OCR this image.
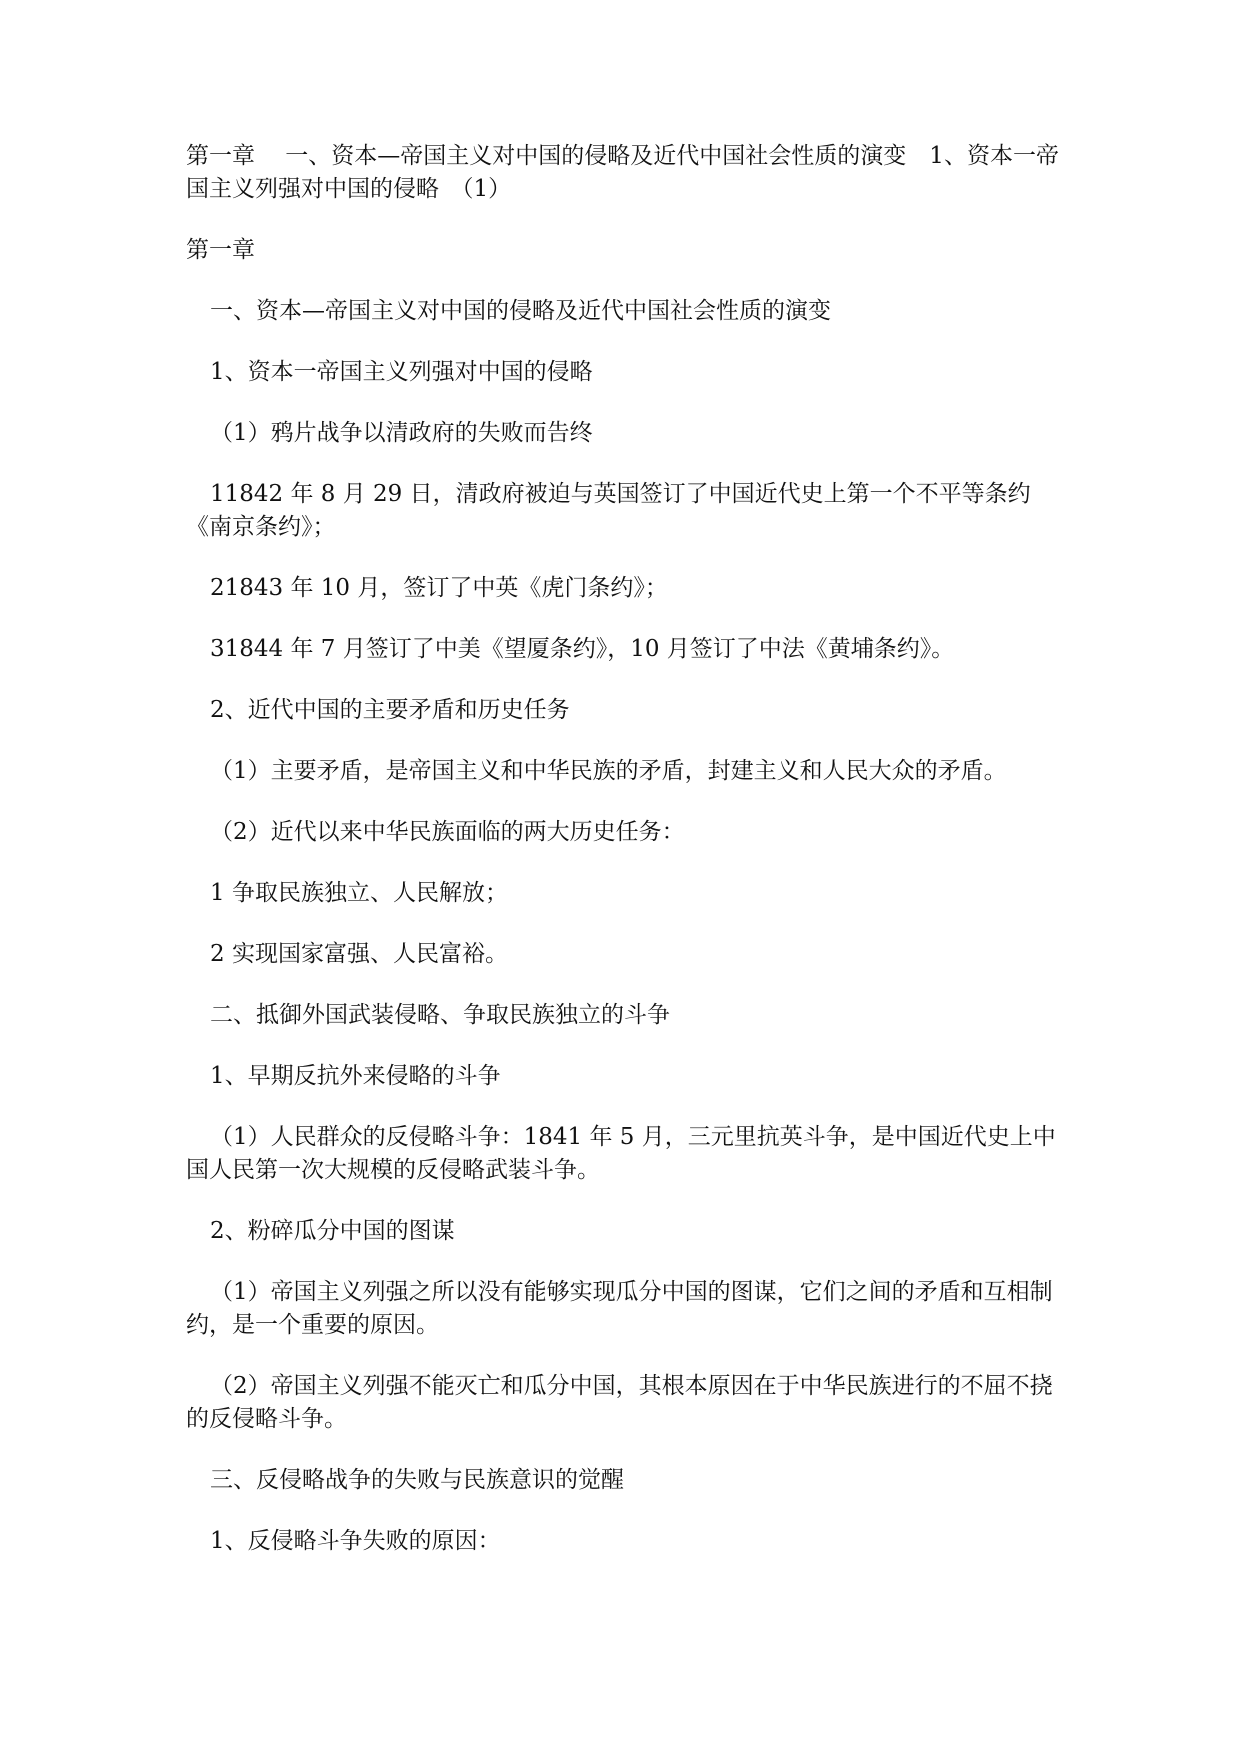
第一章　 一、资本—帝国主义对中国的侵略及近代中国社会性质的演变　1、资本一帝国主义列强对中国的侵略　（1）

第一章

一、资本—帝国主义对中国的侵略及近代中国社会性质的演变

1、资本一帝国主义列强对中国的侵略

（1）鸦片战争以清政府的失败而告终

11842 年 8 月 29 日，清政府被迫与英国签订了中国近代史上第一个不平等条约《南京条约》；

21843 年 10 月，签订了中英《虎门条约》；

31844 年 7 月签订了中美《望厦条约》，10 月签订了中法《黄埔条约》。

2、近代中国的主要矛盾和历史任务

（1）主要矛盾，是帝国主义和中华民族的矛盾，封建主义和人民大众的矛盾。

（2）近代以来中华民族面临的两大历史任务：

1 争取民族独立、人民解放；

2 实现国家富强、人民富裕。

二、抵御外国武装侵略、争取民族独立的斗争

1、早期反抗外来侵略的斗争

（1）人民群众的反侵略斗争：1841 年 5 月，三元里抗英斗争，是中国近代史上中国人民第一次大规模的反侵略武装斗争。

2、粉碎瓜分中国的图谋

（1）帝国主义列强之所以没有能够实现瓜分中国的图谋，它们之间的矛盾和互相制约，是一个重要的原因。

（2）帝国主义列强不能灭亡和瓜分中国，其根本原因在于中华民族进行的不屈不挠的反侵略斗争。

三、反侵略战争的失败与民族意识的觉醒

1、反侵略斗争失败的原因：
